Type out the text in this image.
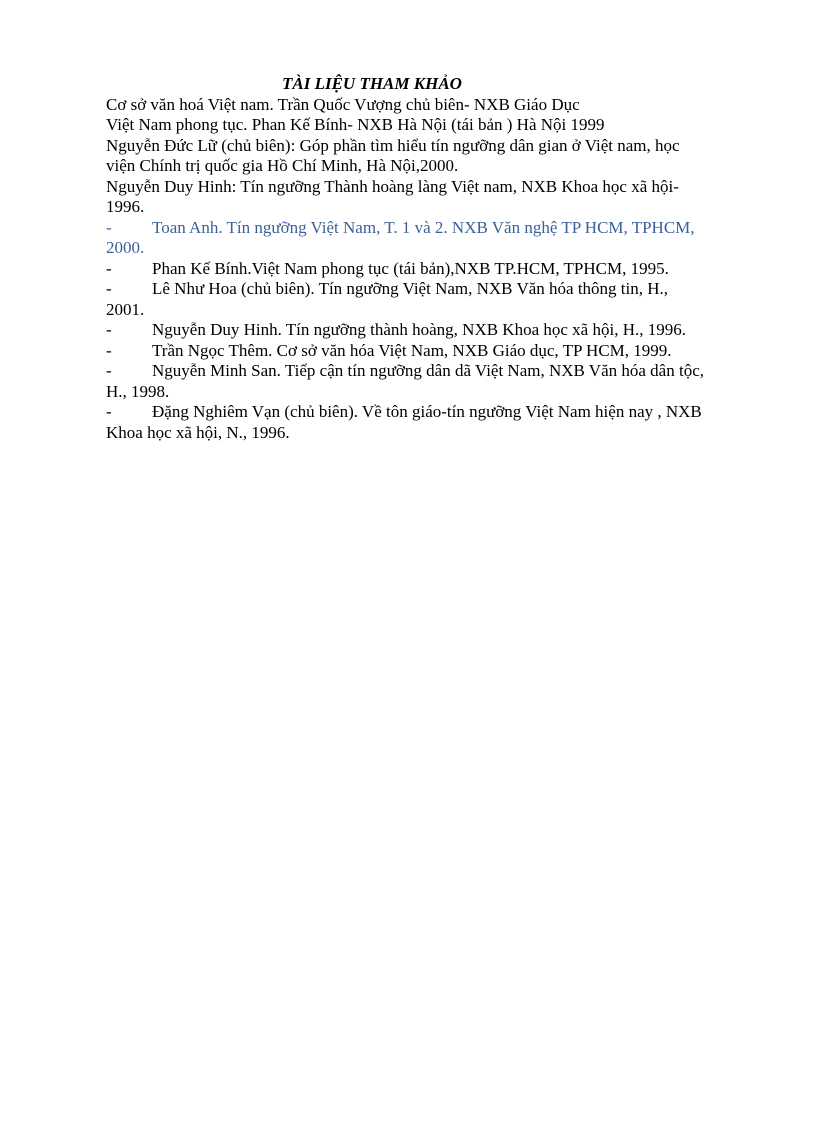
TÀI LIỆU THAM KHẢO

Cơ sở văn hoá Việt nam. Trần Quốc Vượng chủ biên- NXB Giáo Dục

Việt Nam phong tục. Phan Kế Bính- NXB Hà Nội (tái bản ) Hà Nội 1999

Nguyễn Đức Lữ (chủ biên): Góp phần tìm hiểu tín ngưỡng dân gian ở Việt nam, học viện Chính trị quốc gia Hồ Chí Minh, Hà Nội,2000.

Nguyễn Duy Hinh: Tín ngưỡng Thành hoàng làng Việt nam, NXB Khoa học xã hội-1996.

- Toan Anh. Tín ngưỡng Việt Nam, T. 1 và 2. NXB Văn nghệ TP HCM, TPHCM, 2000.

- Phan Kế Bính.Việt Nam phong tục (tái bản),NXB TP.HCM, TPHCM, 1995.

- Lê Như Hoa (chủ biên). Tín ngưỡng Việt Nam, NXB Văn hóa thông tin, H., 2001.

- Nguyễn Duy Hinh. Tín ngưỡng thành hoàng, NXB Khoa học xã hội, H., 1996.

- Trần Ngọc Thêm. Cơ sở văn hóa Việt Nam, NXB Giáo dục, TP HCM, 1999.

- Nguyễn Minh San. Tiếp cận tín ngưỡng dân dã Việt Nam, NXB Văn hóa dân tộc, H., 1998.

- Đặng Nghiêm Vạn (chủ biên). Về tôn giáo-tín ngưỡng Việt Nam hiện nay , NXB Khoa học xã hội, N., 1996.
